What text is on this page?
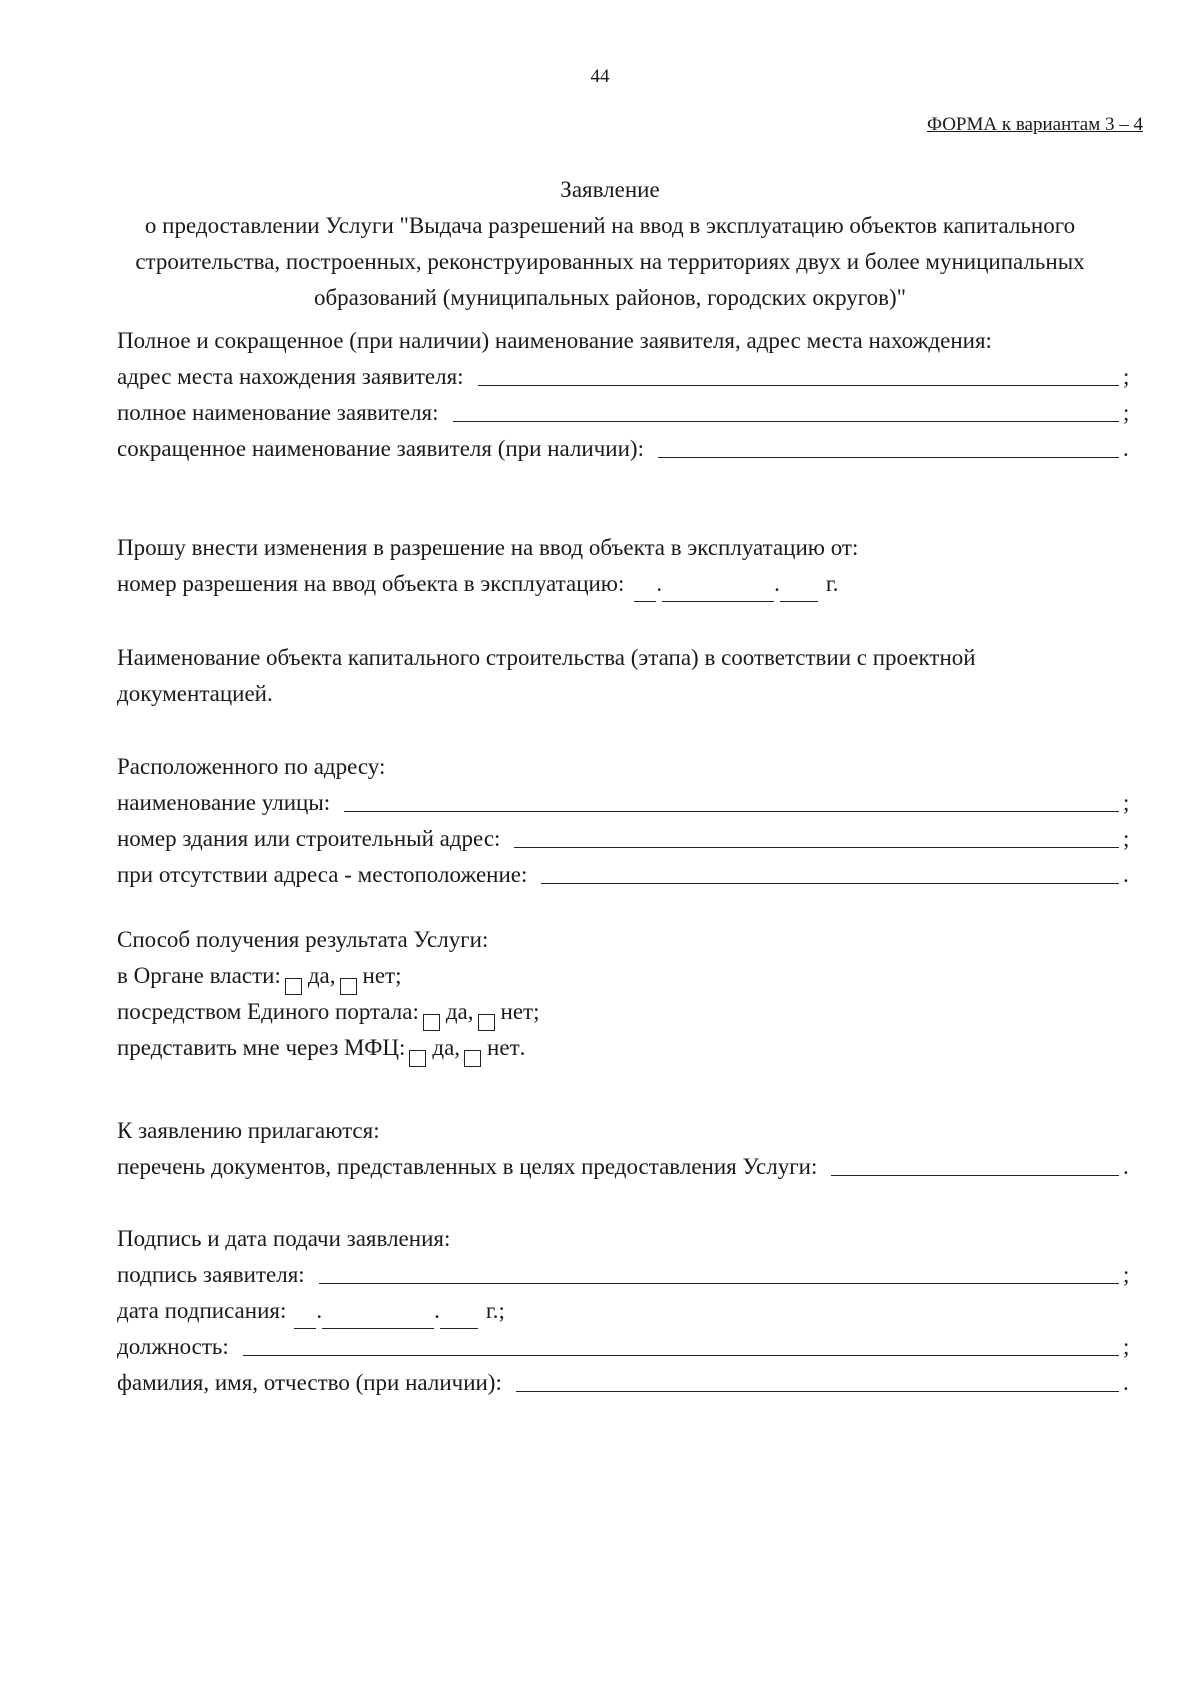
44
ФОРМА к вариантам 3 – 4
Заявление
о предоставлении Услуги "Выдача разрешений на ввод в эксплуатацию объектов капитального строительства, построенных, реконструированных на территориях двух и более муниципальных образований (муниципальных районов, городских округов)"
Полное и сокращенное (при наличии) наименование заявителя, адрес места нахождения:
адрес места нахождения заявителя:	;
полное наименование заявителя:	;
сокращенное наименование заявителя (при наличии):	.
Прошу внести изменения в разрешение на ввод объекта в эксплуатацию от:
номер разрешения на ввод объекта в эксплуатацию: .	. г.
Наименование объекта капитального строительства (этапа) в соответствии с проектной документацией.
Расположенного по адресу:
наименование улицы:	;
номер здания или строительный адрес:	;
при отсутствии адреса - местоположение:	.
Способ получения результата Услуги:
в Органе власти: да, нет ;
посредством Единого портала: да, нет ;
представить мне через МФЦ: да, нет .
К заявлению прилагаются:
перечень документов, представленных в целях предоставления Услуги:	.
Подпись и дата подачи заявления:
подпись заявителя:	;
дата подписания: .	. г.;
должность:	;
фамилия, имя, отчество (при наличии):	.
